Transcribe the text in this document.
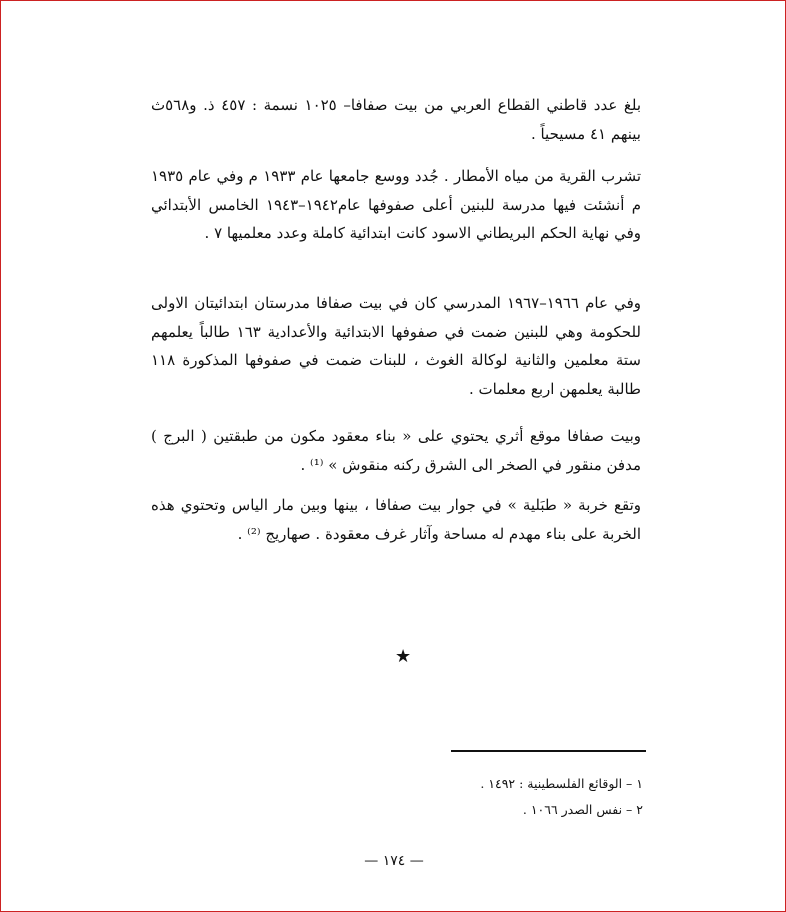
بلغ عدد قاطني القطاع العربي من بيت صفافا– ١٠٢٥ نسمة : ٤٥٧ ذ. و٥٦٨ث بينهم ٤١ مسيحياً .

تشرب القرية من مياه الأمطار . جُدد ووسع جامعها عام ١٩٣٣ م وفي عام ١٩٣٥ م أنشئت فيها مدرسة للبنين أعلى صفوفها عام١٩٤٢–١٩٤٣ الخامس الأبتدائي وفي نهاية الحكم البريطاني الاسود كانت ابتدائية كاملة وعدد معلميها ٧ .

وفي عام ١٩٦٦–١٩٦٧ المدرسي كان في بيت صفافا مدرستان ابتدائيتان الاولى للحكومة وهي للبنين ضمت في صفوفها الابتدائية والأعدادية ١٦٣ طالباً يعلمهم ستة معلمين والثانية لوكالة الغوث ، للبنات ضمت في صفوفها المذكورة ١١٨ طالبة يعلمهن اربع معلمات .

وبيت صفافا موقع أثري يحتوي على « بناء معقود مكون من طبقتين ( البرج ) مدفن منقور في الصخر الى الشرق ركنه منقوش » ⁽¹⁾ .

وتقع خربة « طبَلية » في جوار بيت صفافا ، بينها وبين مار الياس وتحتوي هذه الخربة على بناء مهدم له مساحة وآثار غرف معقودة . صهاريج ⁽²⁾ .

★

١ – الوقائع الفلسطينية : ١٤٩٢ .

٢ – نفس الصدر ١٠٦٦ .

— ١٧٤ —
